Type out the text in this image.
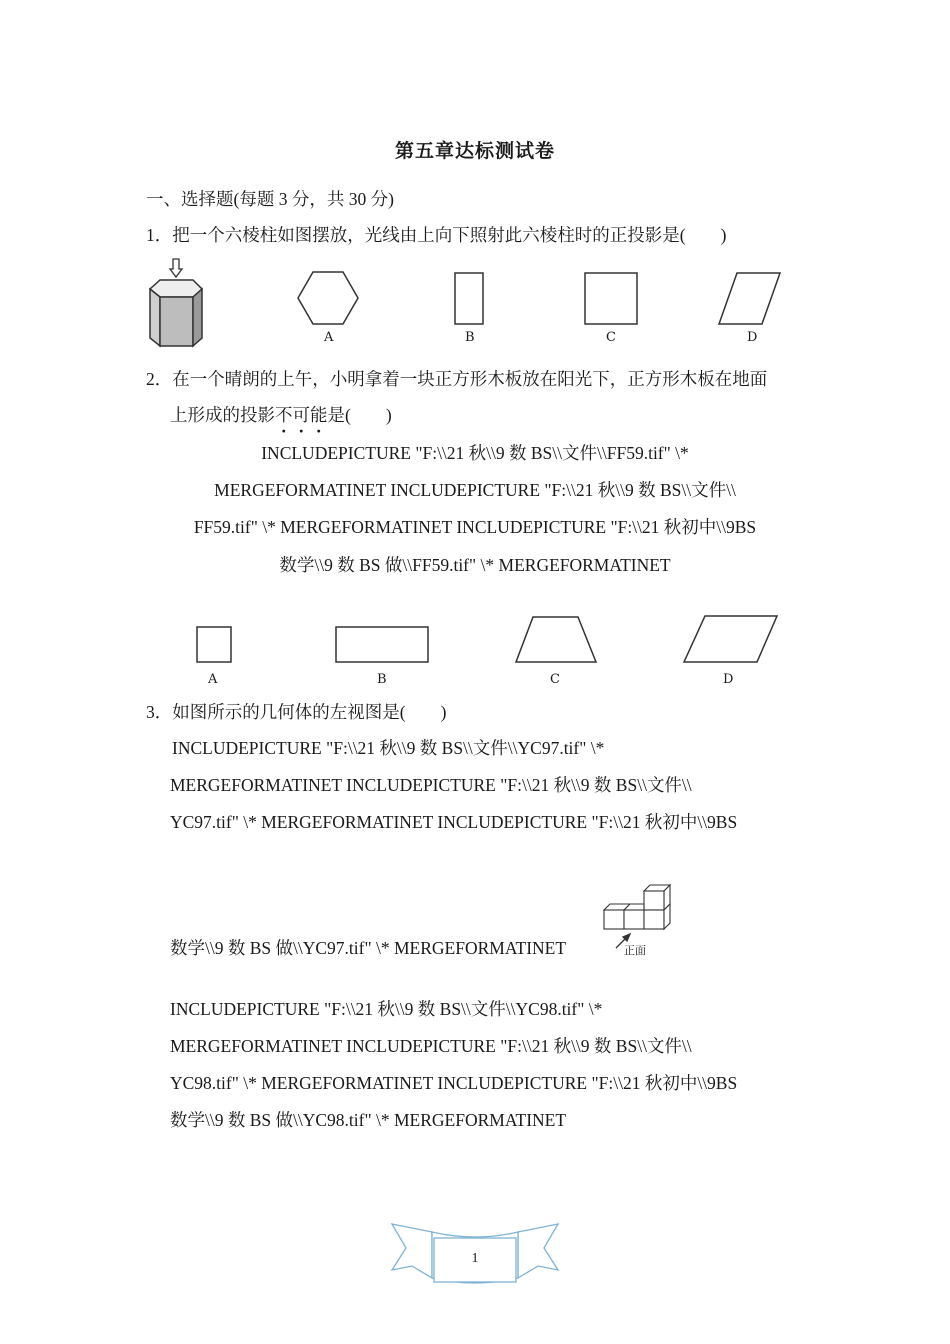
第五章达标测试卷
一、选择题(每题 3 分，共 30 分)
1．把一个六棱柱如图摆放，光线由上向下照射此六棱柱时的正投影是(　　)
A	B	C	D
2．在一个晴朗的上午，小明拿着一块正方形木板放在阳光下，正方形木板在地面
上形成的投影不可能是(　　)
INCLUDEPICTURE "F:\\21 秋\\9 数 BS\\文件\\FF59.tif" \*
MERGEFORMATINET INCLUDEPICTURE "F:\\21 秋\\9 数 BS\\文件\\
FF59.tif" \* MERGEFORMATINET INCLUDEPICTURE "F:\\21 秋初中\\9BS
数学\\9 数 BS 做\\FF59.tif" \* MERGEFORMATINET
A	B	C	D
3．如图所示的几何体的左视图是(　　)
INCLUDEPICTURE "F:\\21 秋\\9 数 BS\\文件\\YC97.tif" \*
MERGEFORMATINET INCLUDEPICTURE "F:\\21 秋\\9 数 BS\\文件\\
YC97.tif" \* MERGEFORMATINET INCLUDEPICTURE "F:\\21 秋初中\\9BS
数学\\9 数 BS 做\\YC97.tif" \* MERGEFORMATINET	正面
INCLUDEPICTURE "F:\\21 秋\\9 数 BS\\文件\\YC98.tif" \*
MERGEFORMATINET INCLUDEPICTURE "F:\\21 秋\\9 数 BS\\文件\\
YC98.tif" \* MERGEFORMATINET INCLUDEPICTURE "F:\\21 秋初中\\9BS
数学\\9 数 BS 做\\YC98.tif" \* MERGEFORMATINET
1
